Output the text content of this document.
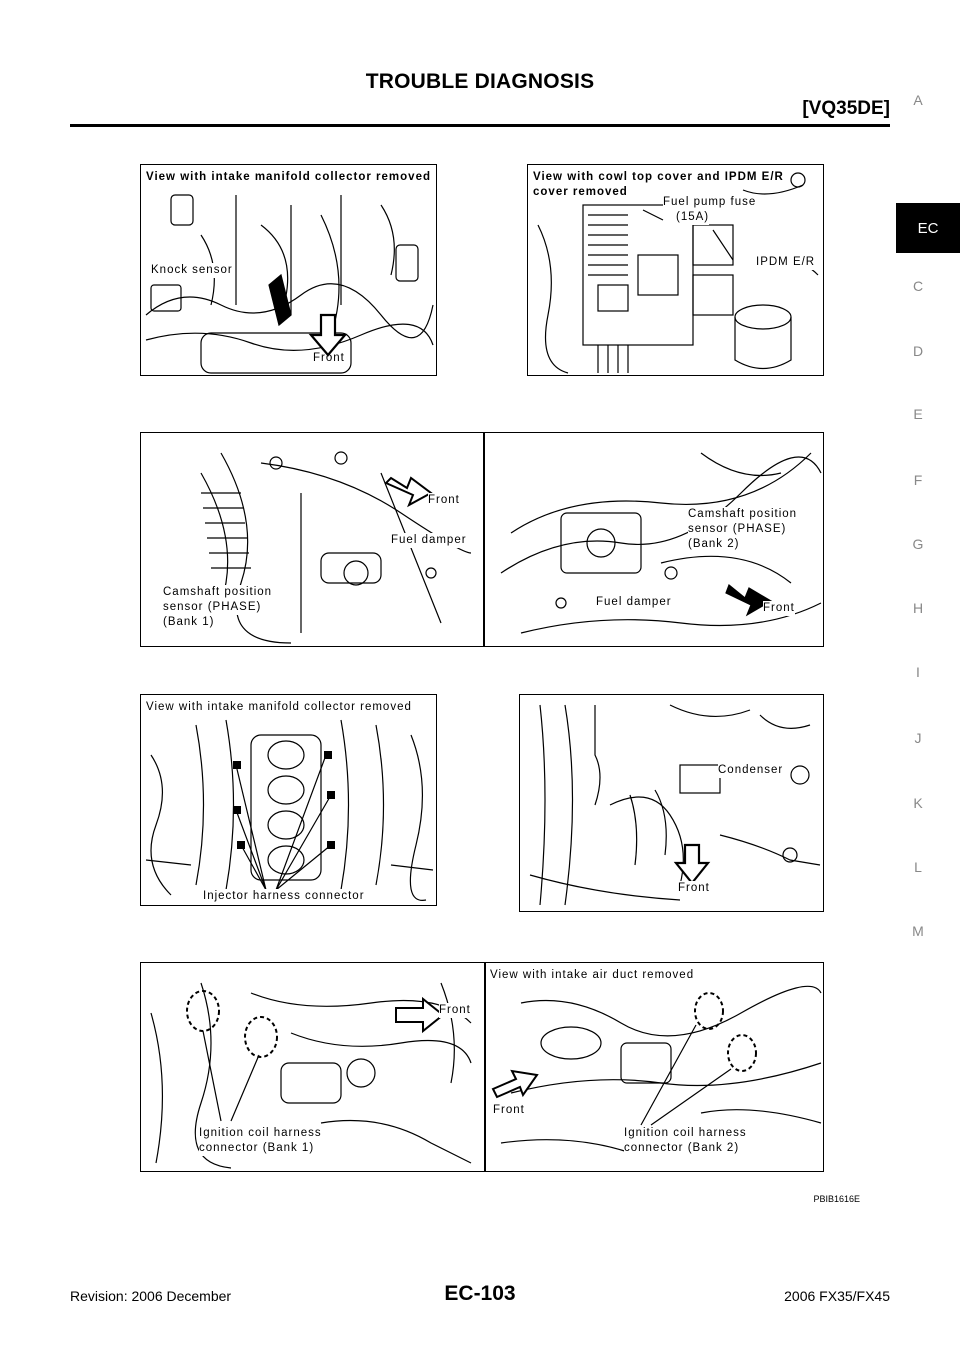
TROUBLE DIAGNOSIS
[VQ35DE]	A
EC
C
D
E
F
G
H
I
J
K
L
M
View with intake manifold collector removed
Knock sensor
Front
View with cowl top cover and IPDM E/R
cover removed
Fuel pump fuse
(15A)
IPDM E/R
Front
Fuel damper
Camshaft position
sensor (PHASE)
(Bank 1)
Camshaft position
sensor (PHASE)
(Bank 2)
Fuel damper	Front
View with intake manifold collector removed
Injector harness connector
Condenser
Front
Front
Ignition coil harness
connector (Bank 1)
View with intake air duct removed
Front
Ignition coil harness
connector (Bank 2)
PBIB1616E
Revision: 2006 December	EC-103	2006 FX35/FX45
